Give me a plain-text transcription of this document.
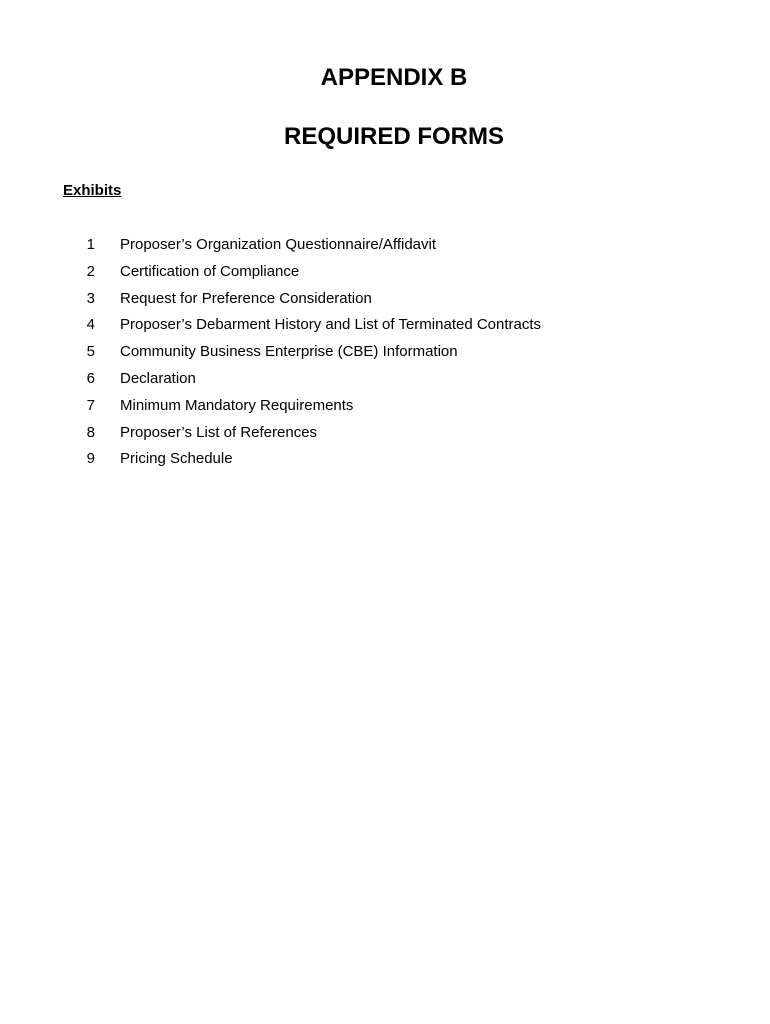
APPENDIX B
REQUIRED FORMS
Exhibits
1 Proposer’s Organization Questionnaire/Affidavit
2 Certification of Compliance
3 Request for Preference Consideration
4 Proposer’s Debarment History and List of Terminated Contracts
5 Community Business Enterprise (CBE) Information
6 Declaration
7 Minimum Mandatory Requirements
8 Proposer’s List of References
9 Pricing Schedule
